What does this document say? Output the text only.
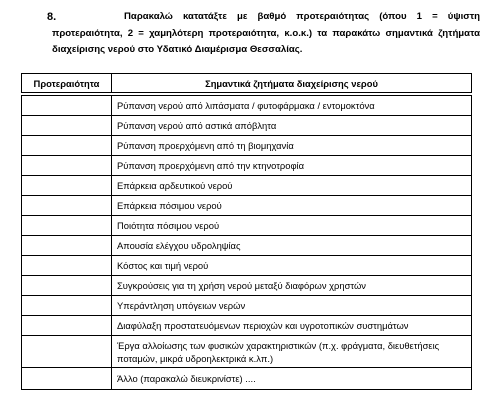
8.	Παρακαλώ κατατάξτε με βαθμό προτεραιότητας (όπου 1 = ύψιστη προτεραιότητα, 2 = χαμηλότερη προτεραιότητα, κ.ο.κ.) τα παρακάτω σημαντικά ζητήματα διαχείρισης νερού στο Υδατικό Διαμέρισμα Θεσσαλίας.
Προτεραιότητα	Σημαντικά ζητήματα διαχείρισης νερού

	Ρύπανση νερού από λιπάσματα / φυτοφάρμακα / εντομοκτόνα
	Ρύπανση νερού από αστικά απόβλητα
	Ρύπανση προερχόμενη από τη βιομηχανία
	Ρύπανση προερχόμενη από την κτηνοτροφία
	Επάρκεια αρδευτικού νερού
	Επάρκεια πόσιμου νερού
	Ποιότητα πόσιμου νερού
	Απουσία ελέγχου υδροληψίας
	Κόστος και τιμή νερού
	Συγκρούσεις για τη χρήση νερού μεταξύ διαφόρων χρηστών
	Υπεράντληση υπόγειων νερών
	Διαφύλαξη προστατευόμενων περιοχών και υγροτοπικών συστημάτων
	Έργα αλλοίωσης των φυσικών χαρακτηριστικών (π.χ. φράγματα, διευθετήσεις ποταμών, μικρά υδροηλεκτρικά κ.λπ.)
	Άλλο (παρακαλώ διευκρινίστε) ....
